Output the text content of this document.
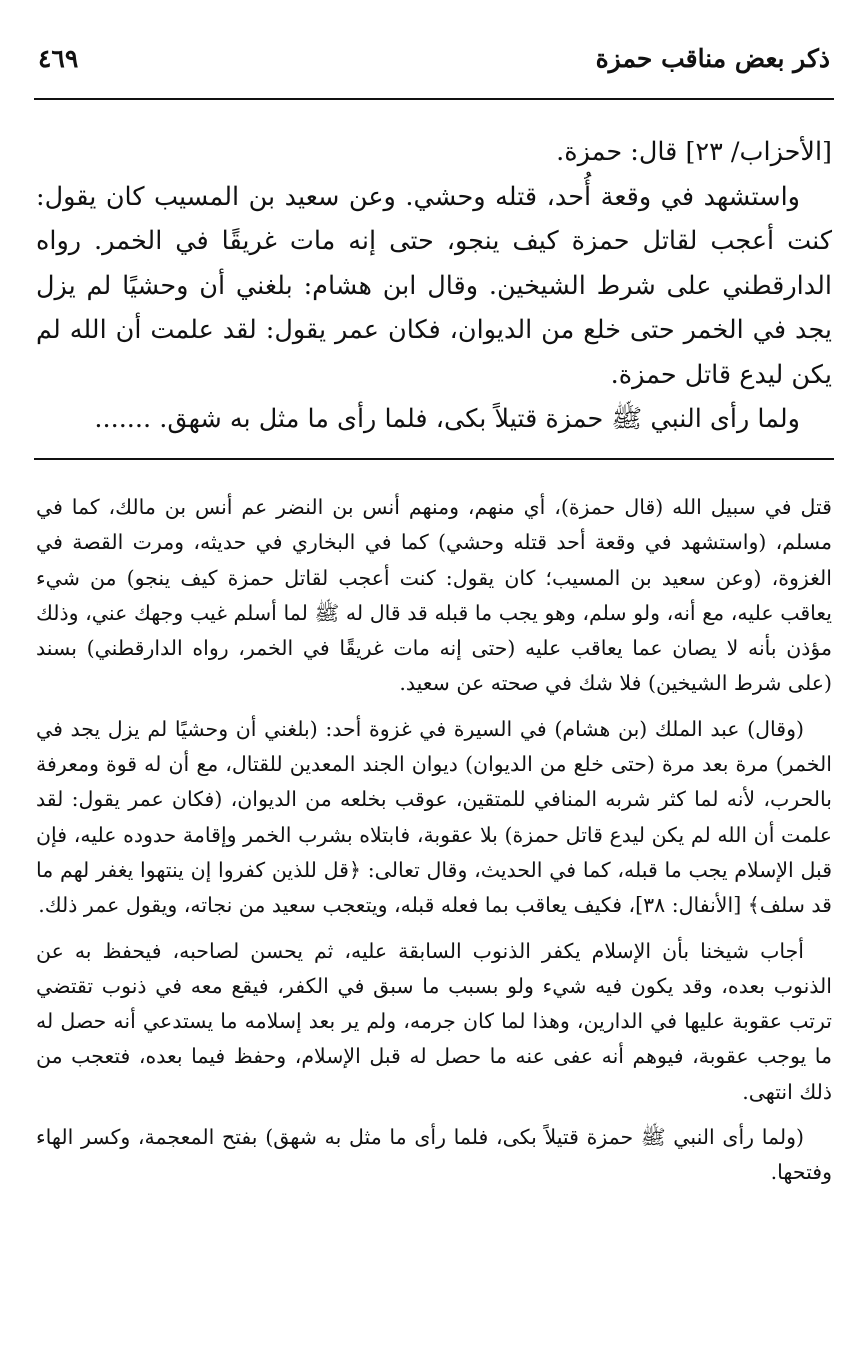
ذكر بعض مناقب حمزة
٤٦٩

[الأحزاب/ ٢٣] قال: حمزة.

واستشهد في وقعة أُحد، قتله وحشي. وعن سعيد بن المسيب كان يقول: كنت أعجب لقاتل حمزة كيف ينجو، حتى إنه مات غريقًا في الخمر. رواه الدارقطني على شرط الشيخين. وقال ابن هشام: بلغني أن وحشيًا لم يزل يجد في الخمر حتى خلع من الديوان، فكان عمر يقول: لقد علمت أن الله لم يكن ليدع قاتل حمزة.

ولما رأى النبي ﷺ حمزة قتيلاً بكى، فلما رأى ما مثل به شهق. .......

قتل في سبيل الله (قال حمزة)، أي منهم، ومنهم أنس بن النضر عم أنس بن مالك، كما في مسلم، (واستشهد في وقعة أحد قتله وحشي) كما في البخاري في حديثه، ومرت القصة في الغزوة، (وعن سعيد بن المسيب؛ كان يقول: كنت أعجب لقاتل حمزة كيف ينجو) من شيء يعاقب عليه، مع أنه، ولو سلم، وهو يجب ما قبله قد قال له ﷺ لما أسلم غيب وجهك عني، وذلك مؤذن بأنه لا يصان عما يعاقب عليه (حتى إنه مات غريقًا في الخمر، رواه الدارقطني) بسند (على شرط الشيخين) فلا شك في صحته عن سعيد.

(وقال) عبد الملك (بن هشام) في السيرة في غزوة أحد: (بلغني أن وحشيًا لم يزل يجد في الخمر) مرة بعد مرة (حتى خلع من الديوان) ديوان الجند المعدين للقتال، مع أن له قوة ومعرفة بالحرب، لأنه لما كثر شربه المنافي للمتقين، عوقب بخلعه من الديوان، (فكان عمر يقول: لقد علمت أن الله لم يكن ليدع قاتل حمزة) بلا عقوبة، فابتلاه بشرب الخمر وإقامة حدوده عليه، فإن قبل الإسلام يجب ما قبله، كما في الحديث، وقال تعالى: ﴿قل للذين كفروا إن ينتهوا يغفر لهم ما قد سلف﴾ [الأنفال: ٣٨]، فكيف يعاقب بما فعله قبله، ويتعجب سعيد من نجاته، ويقول عمر ذلك.

أجاب شيخنا بأن الإسلام يكفر الذنوب السابقة عليه، ثم يحسن لصاحبه، فيحفظ به عن الذنوب بعده، وقد يكون فيه شيء ولو بسبب ما سبق في الكفر، فيقع معه في ذنوب تقتضي ترتب عقوبة عليها في الدارين، وهذا لما كان جرمه، ولم ير بعد إسلامه ما يستدعي أنه حصل له ما يوجب عقوبة، فيوهم أنه عفى عنه ما حصل له قبل الإسلام، وحفظ فيما بعده، فتعجب من ذلك انتهى.

(ولما رأى النبي ﷺ حمزة قتيلاً بكى، فلما رأى ما مثل به شهق) بفتح المعجمة، وكسر الهاء وفتحها.
